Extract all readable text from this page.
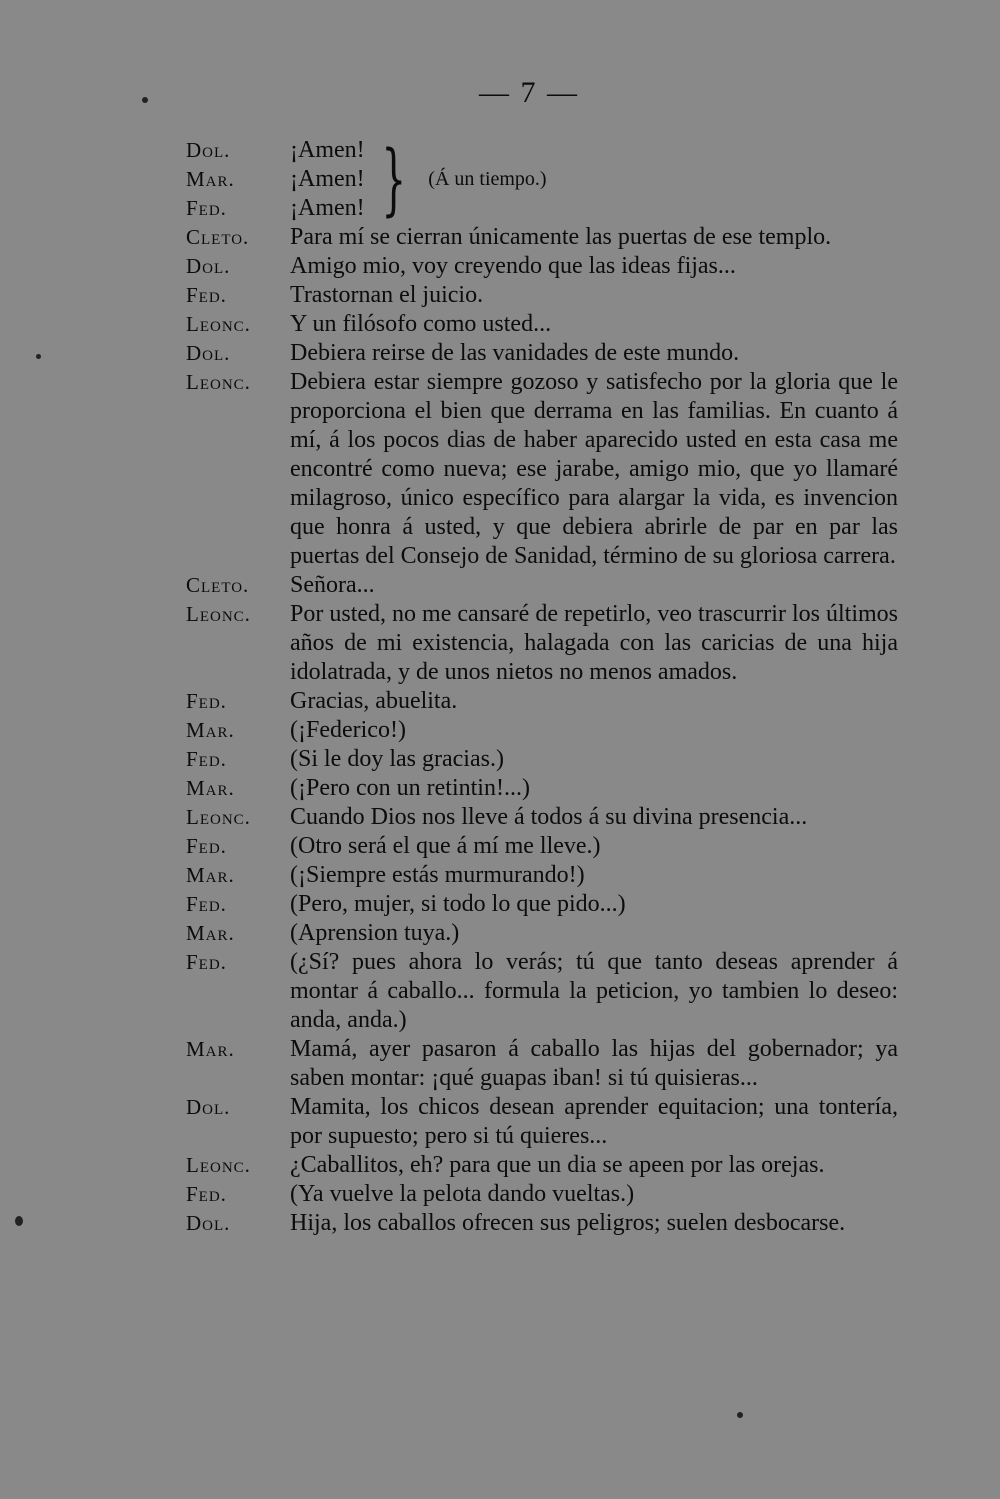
— 7 —
Dol.	¡Amen!
Mar.	¡Amen!
Fed.	¡Amen! } (Á un tiempo.)
Cleto.	Para mí se cierran únicamente las puertas de ese templo.
Dol.	Amigo mio, voy creyendo que las ideas fijas...
Fed.	Trastornan el juicio.
Leonc.	Y un filósofo como usted...
Dol.	Debiera reirse de las vanidades de este mundo.
Leonc.	Debiera estar siempre gozoso y satisfecho por la gloria que le proporciona el bien que derrama en las familias. En cuanto á mí, á los pocos dias de haber aparecido usted en esta casa me encontré como nueva; ese jarabe, amigo mio, que yo llamaré milagroso, único específico para alargar la vida, es invencion que honra á usted, y que debiera abrirle de par en par las puertas del Consejo de Sanidad, término de su gloriosa carrera.
Cleto.	Señora...
Leonc.	Por usted, no me cansaré de repetirlo, veo trascurrir los últimos años de mi existencia, halagada con las caricias de una hija idolatrada, y de unos nietos no menos amados.
Fed.	Gracias, abuelita.
Mar.	(¡Federico!)
Fed.	(Si le doy las gracias.)
Mar.	(¡Pero con un retintin!...)
Leonc.	Cuando Dios nos lleve á todos á su divina presencia...
Fed.	(Otro será el que á mí me lleve.)
Mar.	(¡Siempre estás murmurando!)
Fed.	(Pero, mujer, si todo lo que pido...)
Mar.	(Aprension tuya.)
Fed.	(¿Sí? pues ahora lo verás; tú que tanto deseas aprender á montar á caballo... formula la peticion, yo tambien lo deseo: anda, anda.)
Mar.	Mamá, ayer pasaron á caballo las hijas del gobernador; ya saben montar: ¡qué guapas iban! si tú quisieras...
Dol.	Mamita, los chicos desean aprender equitacion; una tontería, por supuesto; pero si tú quieres...
Leonc.	¿Caballitos, eh? para que un dia se apeen por las orejas.
Fed.	(Ya vuelve la pelota dando vueltas.)
Dol.	Hija, los caballos ofrecen sus peligros; suelen desbocarse.
